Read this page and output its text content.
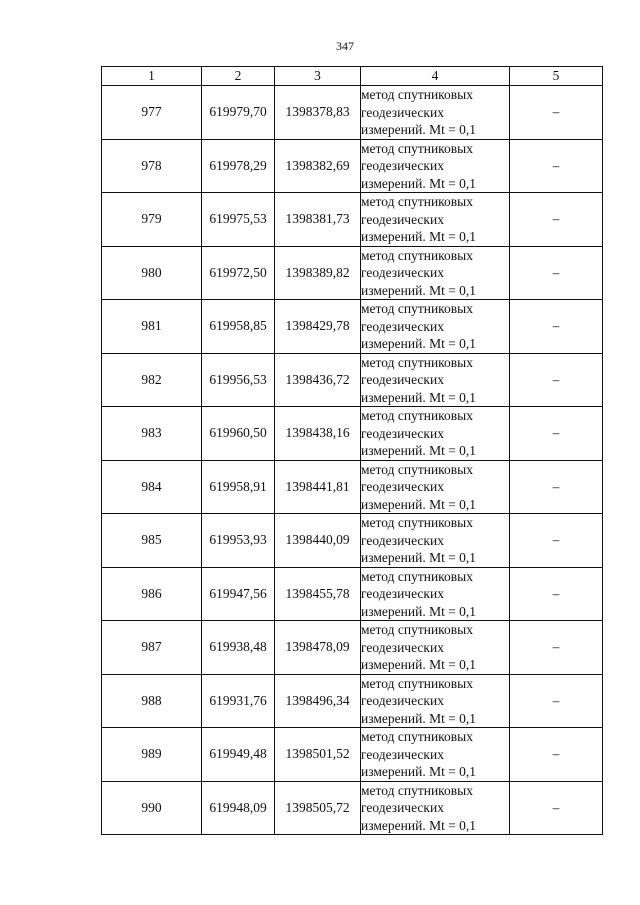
347
1	2	3	4	5
977	619979,70	1398378,83	метод спутниковых
геодезических
измерений. Mt = 0,1	–
978	619978,29	1398382,69	метод спутниковых
геодезических
измерений. Mt = 0,1	–
979	619975,53	1398381,73	метод спутниковых
геодезических
измерений. Mt = 0,1	–
980	619972,50	1398389,82	метод спутниковых
геодезических
измерений. Mt = 0,1	–
981	619958,85	1398429,78	метод спутниковых
геодезических
измерений. Mt = 0,1	–
982	619956,53	1398436,72	метод спутниковых
геодезических
измерений. Mt = 0,1	–
983	619960,50	1398438,16	метод спутниковых
геодезических
измерений. Mt = 0,1	–
984	619958,91	1398441,81	метод спутниковых
геодезических
измерений. Mt = 0,1	–
985	619953,93	1398440,09	метод спутниковых
геодезических
измерений. Mt = 0,1	–
986	619947,56	1398455,78	метод спутниковых
геодезических
измерений. Mt = 0,1	–
987	619938,48	1398478,09	метод спутниковых
геодезических
измерений. Mt = 0,1	–
988	619931,76	1398496,34	метод спутниковых
геодезических
измерений. Mt = 0,1	–
989	619949,48	1398501,52	метод спутниковых
геодезических
измерений. Mt = 0,1	–
990	619948,09	1398505,72	метод спутниковых
геодезических
измерений. Mt = 0,1	–
